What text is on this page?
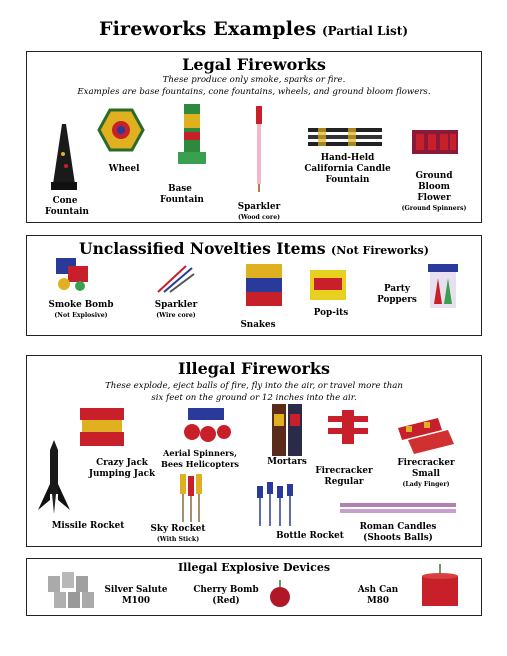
Fireworks Examples (Partial List)
Legal Fireworks
These produce only smoke, sparks or fire.
Examples are base fountains, cone fountains, wheels, and ground bloom flowers.
Cone
Fountain
Wheel
Base
Fountain
Sparkler
(Wood core)
Hand-Held
California Candle
Fountain	Ground
Bloom
Flower
(Ground Spinners)
Unclassified Novelties Items (Not Fireworks)
Smoke Bomb
(Not Explosive)
Sparkler
(Wire core)
Snakes
Pop-its
Party
Poppers
Illegal Fireworks
These explode, eject balls of fire, fly into the air, or travel more than
six feet on the ground or 12 inches into the air.
Missile Rocket
Crazy Jack
Jumping Jack
Aerial Spinners,
Bees Helicopters
Sky Rocket
(With Stick)
Mortars
Bottle Rocket
Firecracker
Regular
Firecracker
Small
(Lady Finger)
Roman Candles
(Shoots Balls)
Illegal Explosive Devices
Silver Salute
M100
Cherry Bomb
(Red)
Ash Can
M80
